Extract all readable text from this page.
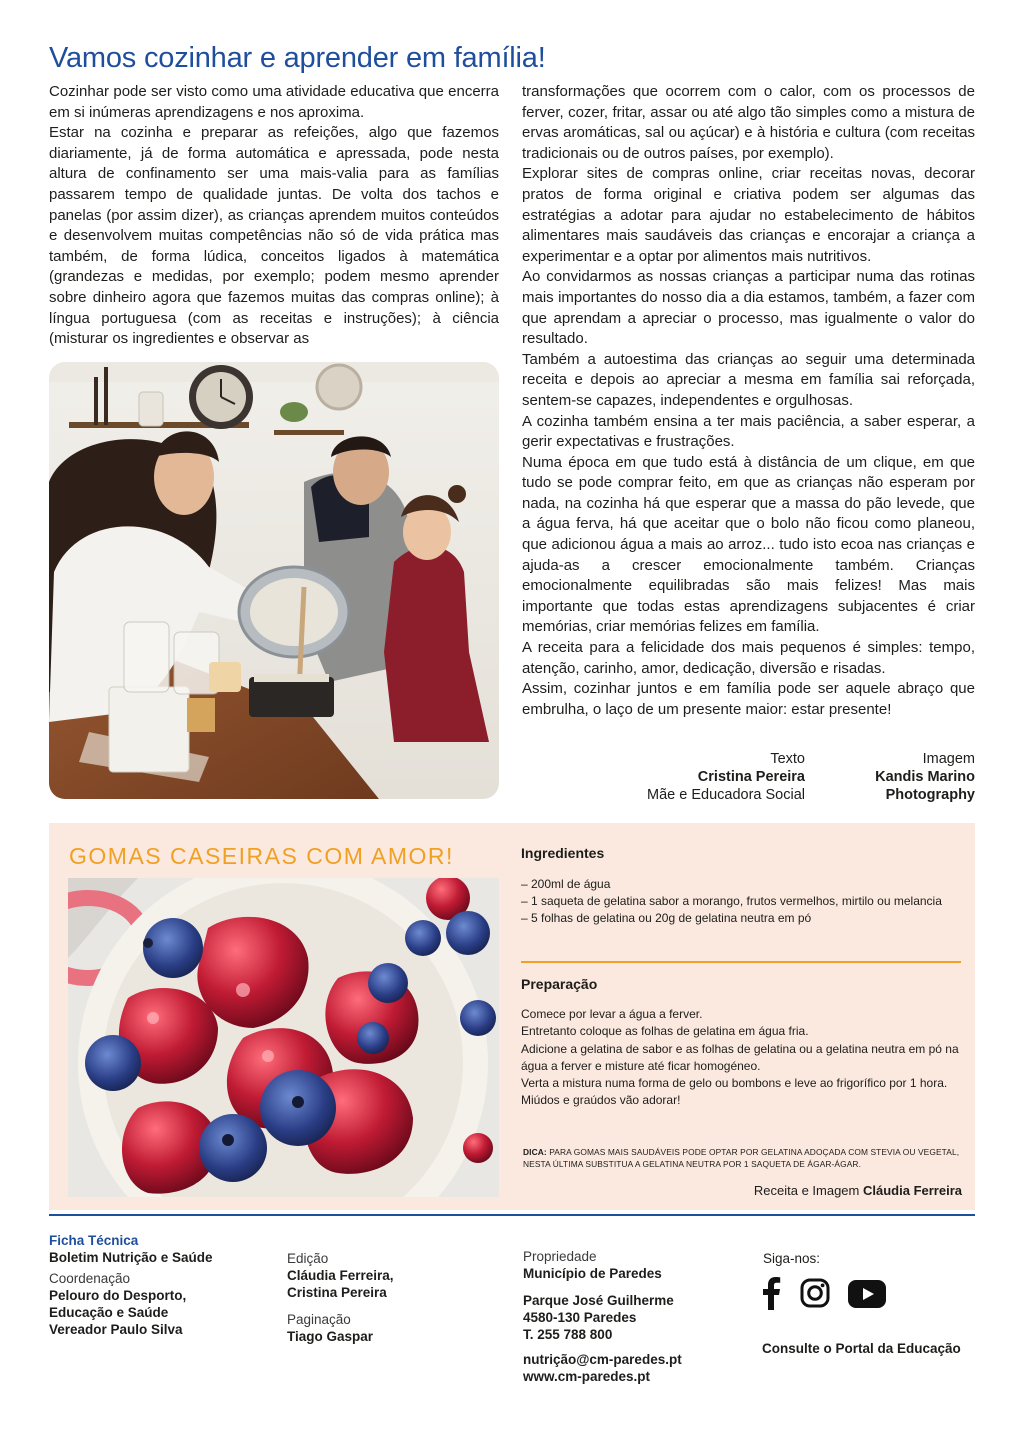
Vamos cozinhar e aprender em família!

Cozinhar pode ser visto como uma atividade educativa que encerra em si inúmeras aprendizagens e nos aproxima.

Estar na cozinha e preparar as refeições, algo que fazemos diariamente, já de forma automática e apressada, pode nesta altura de confinamento ser uma mais-valia para as famílias passarem tempo de qualidade juntas. De volta dos tachos e panelas (por assim dizer), as crianças aprendem muitos conteúdos e desenvolvem muitas competências não só de vida prática mas também, de forma lúdica, conceitos ligados à matemática (grandezas e medidas, por exemplo; podem mesmo aprender sobre dinheiro agora que fazemos muitas das compras online); à língua portuguesa (com as receitas e instruções); à ciência (misturar os ingredientes e observar as

transformações que ocorrem com o calor, com os processos de ferver, cozer, fritar, assar ou até algo tão simples como a mistura de ervas aromáticas, sal ou açúcar) e à história e cultura (com receitas tradicionais ou de outros países, por exemplo).

Explorar sites de compras online, criar receitas novas, decorar pratos de forma original e criativa podem ser algumas das estratégias a adotar para ajudar no estabelecimento de hábitos alimentares mais saudáveis das crianças e encorajar a criança a experimentar e a optar por alimentos mais nutritivos.

Ao convidarmos as nossas crianças a participar numa das rotinas mais importantes do nosso dia a dia estamos, também, a fazer com que aprendam a apreciar o processo, mas igualmente o valor do resultado.

Também a autoestima das crianças ao seguir uma determinada receita e depois ao apreciar a mesma em família sai reforçada, sentem-se capazes, independentes e orgulhosas.

A cozinha também ensina a ter mais paciência, a saber esperar, a gerir expectativas e frustrações.

Numa época em que tudo está à distância de um clique, em que tudo se pode comprar feito, em que as crianças não esperam por nada, na cozinha há que esperar que a massa do pão levede, que a água ferva, há que aceitar que o bolo não ficou como planeou, que adicionou água a mais ao arroz... tudo isto ecoa nas crianças e ajuda-as a crescer emocionalmente também. Crianças emocionalmente equilibradas são mais felizes! Mas mais importante que todas estas aprendizagens subjacentes é criar memórias, criar memórias felizes em família.

A receita para a felicidade dos mais pequenos é simples: tempo, atenção, carinho, amor, dedicação, diversão e risadas.

Assim, cozinhar juntos e em família pode ser aquele abraço que embrulha, o laço de um presente maior: estar presente!

Texto
Cristina Pereira
Mãe e Educadora Social
Imagem
Kandis Marino
Photography
GOMAS CASEIRAS COM AMOR!	Ingredientes
– 200ml de água
– 1 saqueta de gelatina sabor a morango, frutos vermelhos, mirtilo ou melancia
– 5 folhas de gelatina ou 20g de gelatina neutra em pó
Preparação

Comece por levar a água a ferver.

Entretanto coloque as folhas de gelatina em água fria.

Adicione a gelatina de sabor e as folhas de gelatina ou a gelatina neutra em pó na água a ferver e misture até ficar homogéneo.

Verta a mistura numa forma de gelo ou bombons e leve ao frigorífico por 1 hora.

Miúdos e graúdos vão adorar!

DICA: PARA GOMAS MAIS SAUDÁVEIS PODE OPTAR POR GELATINA ADOÇADA COM STEVIA OU VEGETAL, NESTA ÚLTIMA SUBSTITUA A GELATINA NEUTRA POR 1 SAQUETA DE ÁGAR-ÁGAR.
Receita e Imagem Cláudia Ferreira
Ficha Técnica
Boletim Nutrição e Saúde
Coordenação
Pelouro do Desporto,
Educação e Saúde
Vereador Paulo Silva
Edição
Cláudia Ferreira,
Cristina Pereira
Paginação
Tiago Gaspar
Propriedade
Município de Paredes
Parque José Guilherme
4580-130 Paredes
T. 255 788 800
nutrição@cm-paredes.pt
www.cm-paredes.pt
Siga-nos:
Consulte o Portal da Educação
